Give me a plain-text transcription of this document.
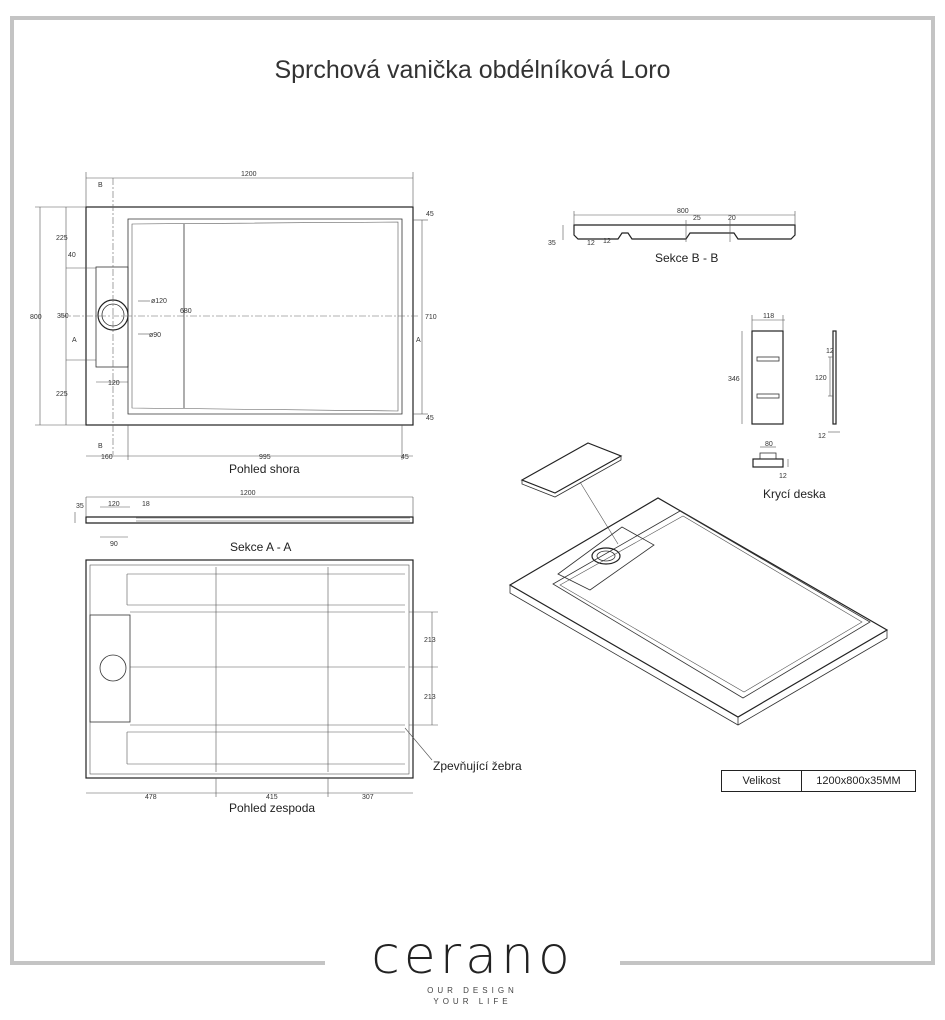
Sprchová vanička obdélníková Loro
1200
800
225
40
350
225
120
160	995	45
45
45
710
680
ø120
ø90
B
B
A	A
Pohled shora
1200
35	120	18
90	Sekce A - A
478	415	307
213
213
Zpevňující žebra
Pohled zespoda
800
25	20
35	12 12
Sekce B - B
118
346
12
120
12
80
12
Krycí deska
Velikost	1200x800x35MM
cerano
OUR DESIGN
YOUR LIFE
